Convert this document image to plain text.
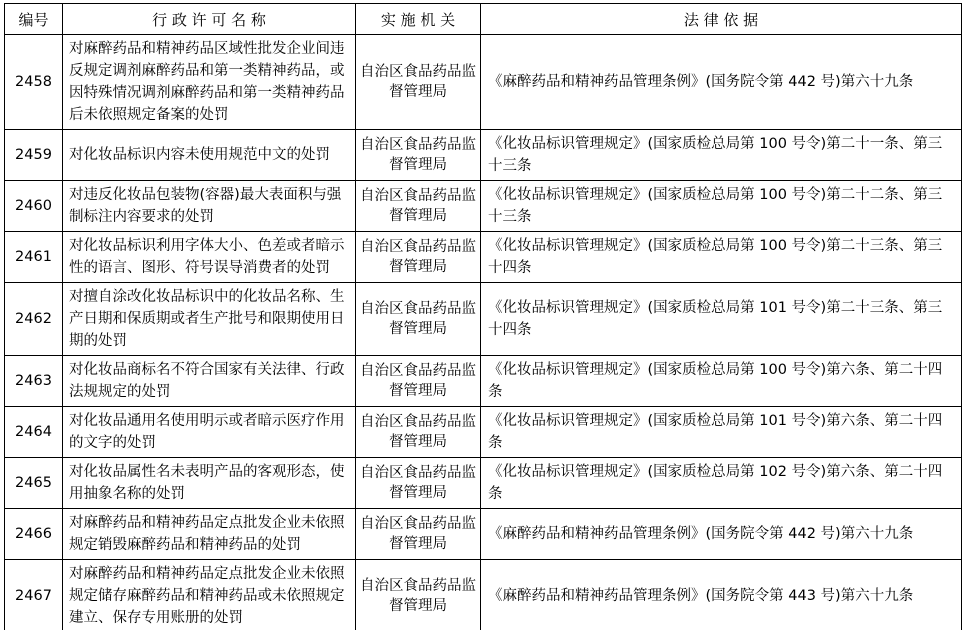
编号	行 政 许 可 名 称	实 施 机 关	法 律 依 据
2458	对麻醉药品和精神药品区域性批发企业间违反规定调剂麻醉药品和第一类精神药品，或因特殊情况调剂麻醉药品和第一类精神药品后未依照规定备案的处罚	自治区食品药品监督管理局	《麻醉药品和精神药品管理条例》(国务院令第 442 号)第六十九条

2459	对化妆品标识内容未使用规范中文的处罚	自治区食品药品监督管理局	《化妆品标识管理规定》(国家质检总局第 100 号令)第二十一条、第三十三条

2460	对违反化妆品包装物(容器)最大表面积与强制标注内容要求的处罚	自治区食品药品监督管理局	《化妆品标识管理规定》(国家质检总局第 100 号令)第二十二条、第三十三条

2461	对化妆品标识利用字体大小、色差或者暗示性的语言、图形、符号误导消费者的处罚	自治区食品药品监督管理局	《化妆品标识管理规定》(国家质检总局第 100 号令)第二十三条、第三十四条

2462	对擅自涂改化妆品标识中的化妆品名称、生产日期和保质期或者生产批号和限期使用日期的处罚	自治区食品药品监督管理局	《化妆品标识管理规定》(国家质检总局第 101 号令)第二十三条、第三十四条

2463	对化妆品商标名不符合国家有关法律、行政法规规定的处罚	自治区食品药品监督管理局	《化妆品标识管理规定》(国家质检总局第 100 号令)第六条、第二十四条

2464	对化妆品通用名使用明示或者暗示医疗作用的文字的处罚	自治区食品药品监督管理局	《化妆品标识管理规定》(国家质检总局第 101 号令)第六条、第二十四条

2465	对化妆品属性名未表明产品的客观形态，使用抽象名称的处罚	自治区食品药品监督管理局	《化妆品标识管理规定》(国家质检总局第 102 号令)第六条、第二十四条

2466	对麻醉药品和精神药品定点批发企业未依照规定销毁麻醉药品和精神药品的处罚	自治区食品药品监督管理局	《麻醉药品和精神药品管理条例》(国务院令第 442 号)第六十九条

2467	对麻醉药品和精神药品定点批发企业未依照规定储存麻醉药品和精神药品或未依照规定建立、保存专用账册的处罚	自治区食品药品监督管理局	《麻醉药品和精神药品管理条例》(国务院令第 443 号)第六十九条
